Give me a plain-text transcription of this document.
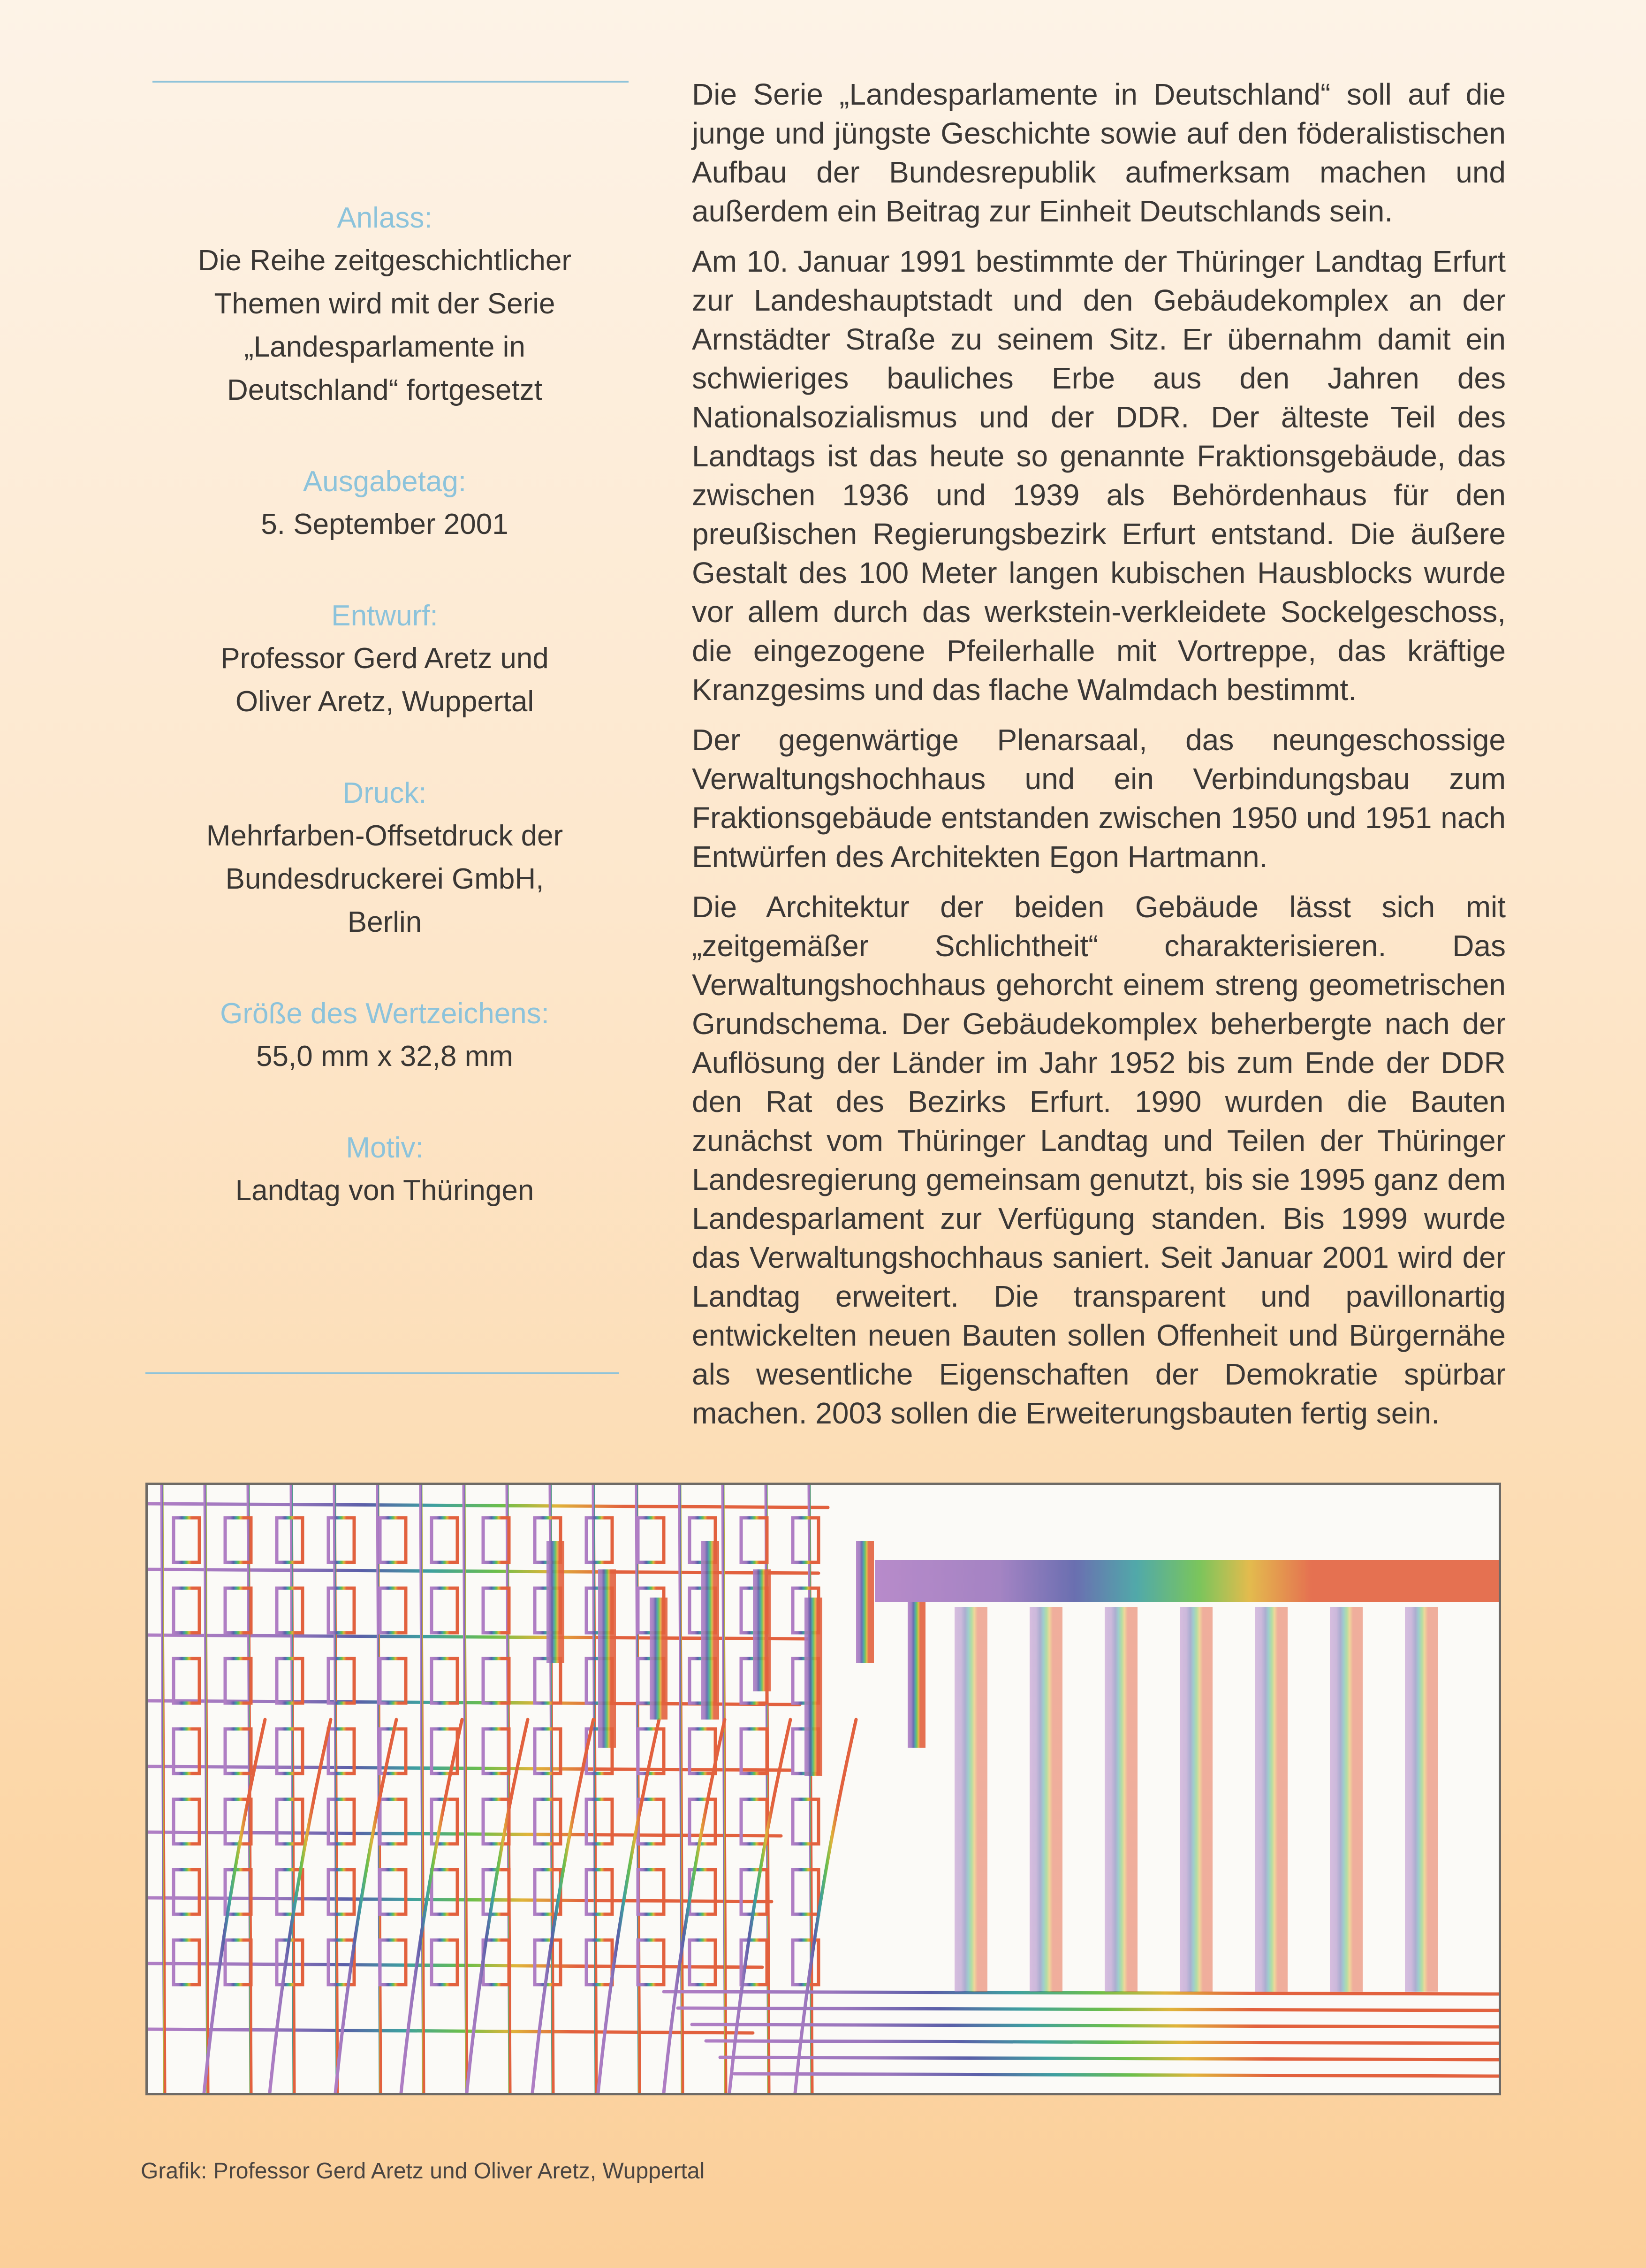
Anlass:
Die Reihe zeitgeschichtlicher
Themen wird mit der Serie
„Landesparlamente in
Deutschland“ fortgesetzt
Ausgabetag:
5. September 2001
Entwurf:
Professor Gerd Aretz und
Oliver Aretz, Wuppertal
Druck:
Mehrfarben-Offsetdruck der
Bundesdruckerei GmbH,
Berlin
Größe des Wertzeichens:
55,0 mm x 32,8 mm
Motiv:
Landtag von Thüringen

Die Serie „Landesparlamente in Deutschland“ soll auf die junge und jüngste Geschichte sowie auf den föderalistischen Aufbau der Bundesrepublik aufmerksam machen und außerdem ein Beitrag zur Einheit Deutschlands sein.

Am 10. Januar 1991 bestimmte der Thüringer Landtag Erfurt zur Landeshauptstadt und den Gebäudekomplex an der Arnstädter Straße zu seinem Sitz. Er übernahm damit ein schwieriges bauliches Erbe aus den Jahren des Nationalsozialismus und der DDR. Der älteste Teil des Landtags ist das heute so genannte Fraktionsgebäude, das zwischen 1936 und 1939 als Behördenhaus für den preußischen Regierungsbezirk Erfurt entstand. Die äußere Gestalt des 100 Meter langen kubischen Hausblocks wurde vor allem durch das werkstein-verkleidete Sockelgeschoss, die eingezogene Pfeilerhalle mit Vortreppe, das kräftige Kranzgesims und das flache Walmdach bestimmt.

Der gegenwärtige Plenarsaal, das neungeschossige Verwaltungshochhaus und ein Verbindungsbau zum Fraktionsgebäude entstanden zwischen 1950 und 1951 nach Entwürfen des Architekten Egon Hartmann.

Die Architektur der beiden Gebäude lässt sich mit „zeitgemäßer Schlichtheit“ charakterisieren. Das Verwaltungshochhaus gehorcht einem streng geometrischen Grundschema. Der Gebäudekomplex beherbergte nach der Auflösung der Länder im Jahr 1952 bis zum Ende der DDR den Rat des Bezirks Erfurt. 1990 wurden die Bauten zunächst vom Thüringer Landtag und Teilen der Thüringer Landesregierung gemeinsam genutzt, bis sie 1995 ganz dem Landesparlament zur Verfügung standen. Bis 1999 wurde das Verwaltungshochhaus saniert. Seit Januar 2001 wird der Landtag erweitert. Die transparent und pavillonartig entwickelten neuen Bauten sollen Offenheit und Bürgernähe als wesentliche Eigenschaften der Demokratie spürbar machen. 2003 sollen die Erweiterungsbauten fertig sein.

Grafik: Professor Gerd Aretz und Oliver Aretz, Wuppertal
